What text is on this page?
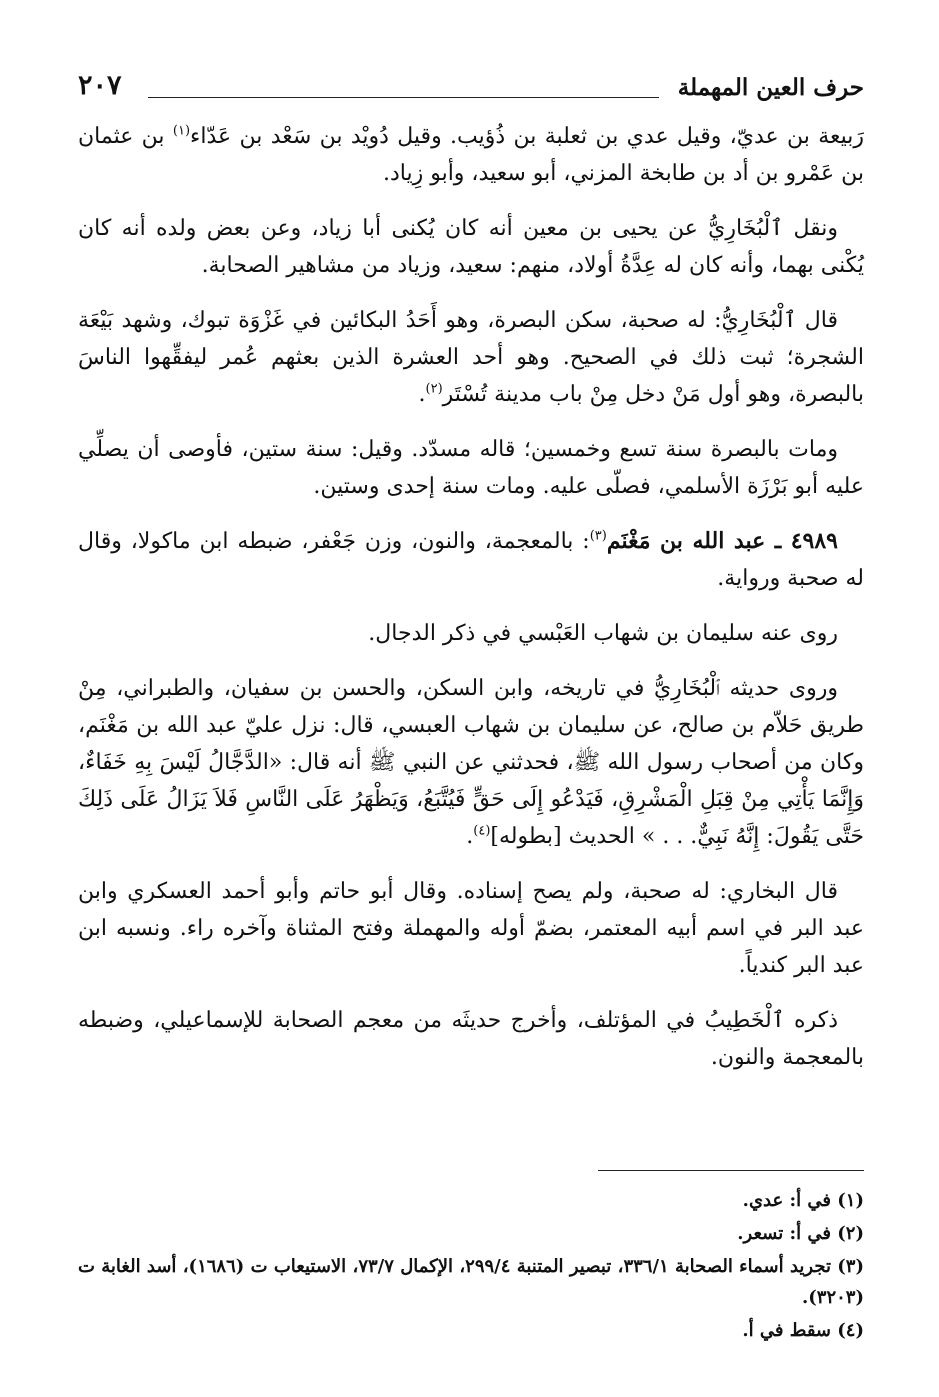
٢٠٧	حرف العين المهملة

رَبيعة بن عديّ، وقيل عدي بن ثعلبة بن ذُؤيب. وقيل دُويْد بن سَعْد بن عَدّاء$^{(١)}$ بن عثمان بن عَمْرو بن أد بن طابخة المزني، أبو سعيد، وأبو زِياد.

ونقل ٱلْبُخَارِيُّ عن يحيى بن معين أنه كان يُكنى أبا زياد، وعن بعض ولده أنه كان يُكْنى بهما، وأنه كان له عِدَّةُ أولاد، منهم: سعيد، وزياد من مشاهير الصحابة.

قال ٱلْبُخَارِيُّ: له صحبة، سكن البصرة، وهو أَحَدُ البكائين في غَزْوَة تبوك، وشهد بَيْعَة الشجرة؛ ثبت ذلك في الصحيح. وهو أحد العشرة الذين بعثهم عُمر ليفقِّهوا الناسَ بالبصرة، وهو أول مَنْ دخل مِنْ باب مدينة تُسْتَر$^{(٢)}$.

ومات بالبصرة سنة تسع وخمسين؛ قاله مسدّد. وقيل: سنة ستين، فأوصى أن يصلِّي عليه أبو بَرْزَة الأسلمي، فصلّى عليه. ومات سنة إحدى وستين.

٤٩٨٩ ـ عبد الله بن مَغْنَم$^{(٣)}$: بالمعجمة، والنون، وزن جَعْفر، ضبطه ابن ماكولا، وقال له صحبة ورواية.

روى عنه سليمان بن شهاب العَبْسي في ذكر الدجال.

وروى حديثه ٱلْبُخَارِيُّ في تاريخه، وابن السكن، والحسن بن سفيان، والطبراني، مِنْ طريق حَلاّم بن صالح، عن سليمان بن شهاب العبسي، قال: نزل عليّ عبد الله بن مَغْنَم، وكان من أصحاب رسول الله ﷺ، فحدثني عن النبي ﷺ أنه قال: «الدَّجَّالُ لَيْسَ بِهِ خَفَاءٌ، وَإِنَّمَا يَأْتِي مِنْ قِبَلِ الْمَشْرِقِ، فَيَدْعُو إِلَى حَقٍّ فَيُتَّبَعُ، وَيَظْهَرُ عَلَى النَّاسِ فَلاَ يَزَالُ عَلَى ذَلِكَ حَتَّى يَقُولَ: إِنَّهُ نَبِيٌّ. . . » الحديث [بطوله]$^{(٤)}$.

قال البخاري: له صحبة، ولم يصح إسناده. وقال أبو حاتم وأبو أحمد العسكري وابن عبد البر في اسم أبيه المعتمر، بضمّ أوله والمهملة وفتح المثناة وآخره راء. ونسبه ابن عبد البر كندياً.

ذكره ٱلْخَطِيبُ في المؤتلف، وأخرج حديثَه من معجم الصحابة للإسماعيلي، وضبطه بالمعجمة والنون.

(١) في أ: عدي.

(٢) في أ: تسعر.

(٣) تجريد أسماء الصحابة ٣٣٦/١، تبصير المتنبة ٢٩٩/٤، الإكمال ٧٣/٧، الاستيعاب ت (١٦٨٦)، أسد الغابة ت (٣٢٠٣).

(٤) سقط في أ.
